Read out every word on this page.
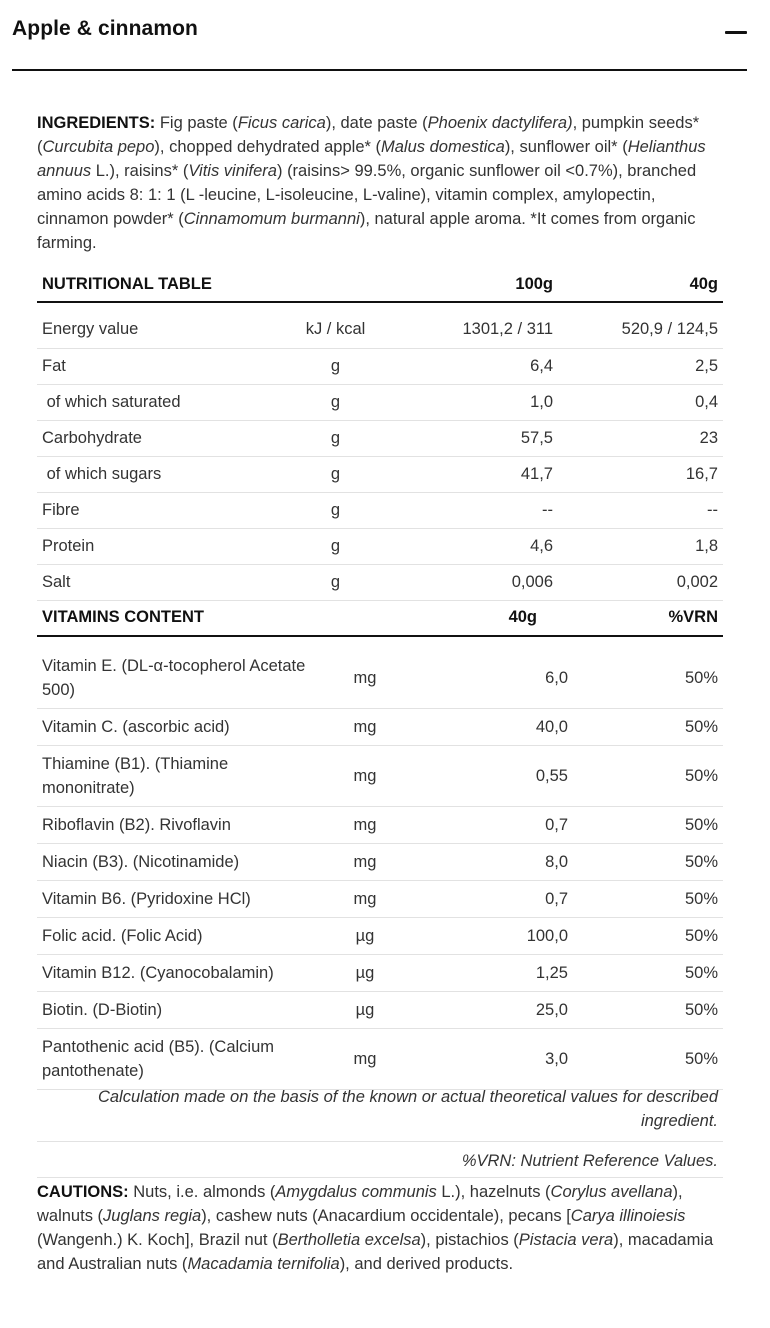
Apple & cinnamon

INGREDIENTS: Fig paste (Ficus carica), date paste (Phoenix dactylifera), pumpkin seeds* (Curcubita pepo), chopped dehydrated apple* (Malus domestica), sunflower oil* (Helianthus annuus L.), raisins* (Vitis vinifera) (raisins> 99.5%, organic sunflower oil <0.7%), branched amino acids 8: 1: 1 (L -leucine, L-isoleucine, L-valine), vitamin complex, amylopectin, cinnamon powder* (Cinnamomum burmanni), natural apple aroma. *It comes from organic farming.

NUTRITIONAL TABLE		100g	40g

Energy value	kJ / kcal	1301,2 / 311	520,9 / 124,5
Fat	g	6,4	2,5
of which saturated	g	1,0	0,4
Carbohydrate	g	57,5	23
of which sugars	g	41,7	16,7
Fibre	g	--	--
Protein	g	4,6	1,8
Salt	g	0,006	0,002
VITAMINS CONTENT		40g	%VRN

Vitamin E. (DL-α-tocopherol Acetate 500)	mg	6,0	50%
Vitamin C. (ascorbic acid)	mg	40,0	50%
Thiamine (B1). (Thiamine mononitrate)	mg	0,55	50%
Riboflavin (B2). Rivoflavin	mg	0,7	50%
Niacin (B3). (Nicotinamide)	mg	8,0	50%
Vitamin B6. (Pyridoxine HCl)	mg	0,7	50%
Folic acid. (Folic Acid)	µg	100,0	50%
Vitamin B12. (Cyanocobalamin)	µg	1,25	50%
Biotin. (D-Biotin)	µg	25,0	50%
Pantothenic acid (B5). (Calcium pantothenate)	mg	3,0	50%
Calculation made on the basis of the known or actual theoretical values for described ingredient.
%VRN: Nutrient Reference Values.

CAUTIONS: Nuts, i.e. almonds (Amygdalus communis L.), hazelnuts (Corylus avellana), walnuts (Juglans regia), cashew nuts (Anacardium occidentale), pecans [Carya illinoiesis (Wangenh.) K. Koch], Brazil nut (Bertholletia excelsa), pistachios (Pistacia vera), macadamia and Australian nuts (Macadamia ternifolia), and derived products.
